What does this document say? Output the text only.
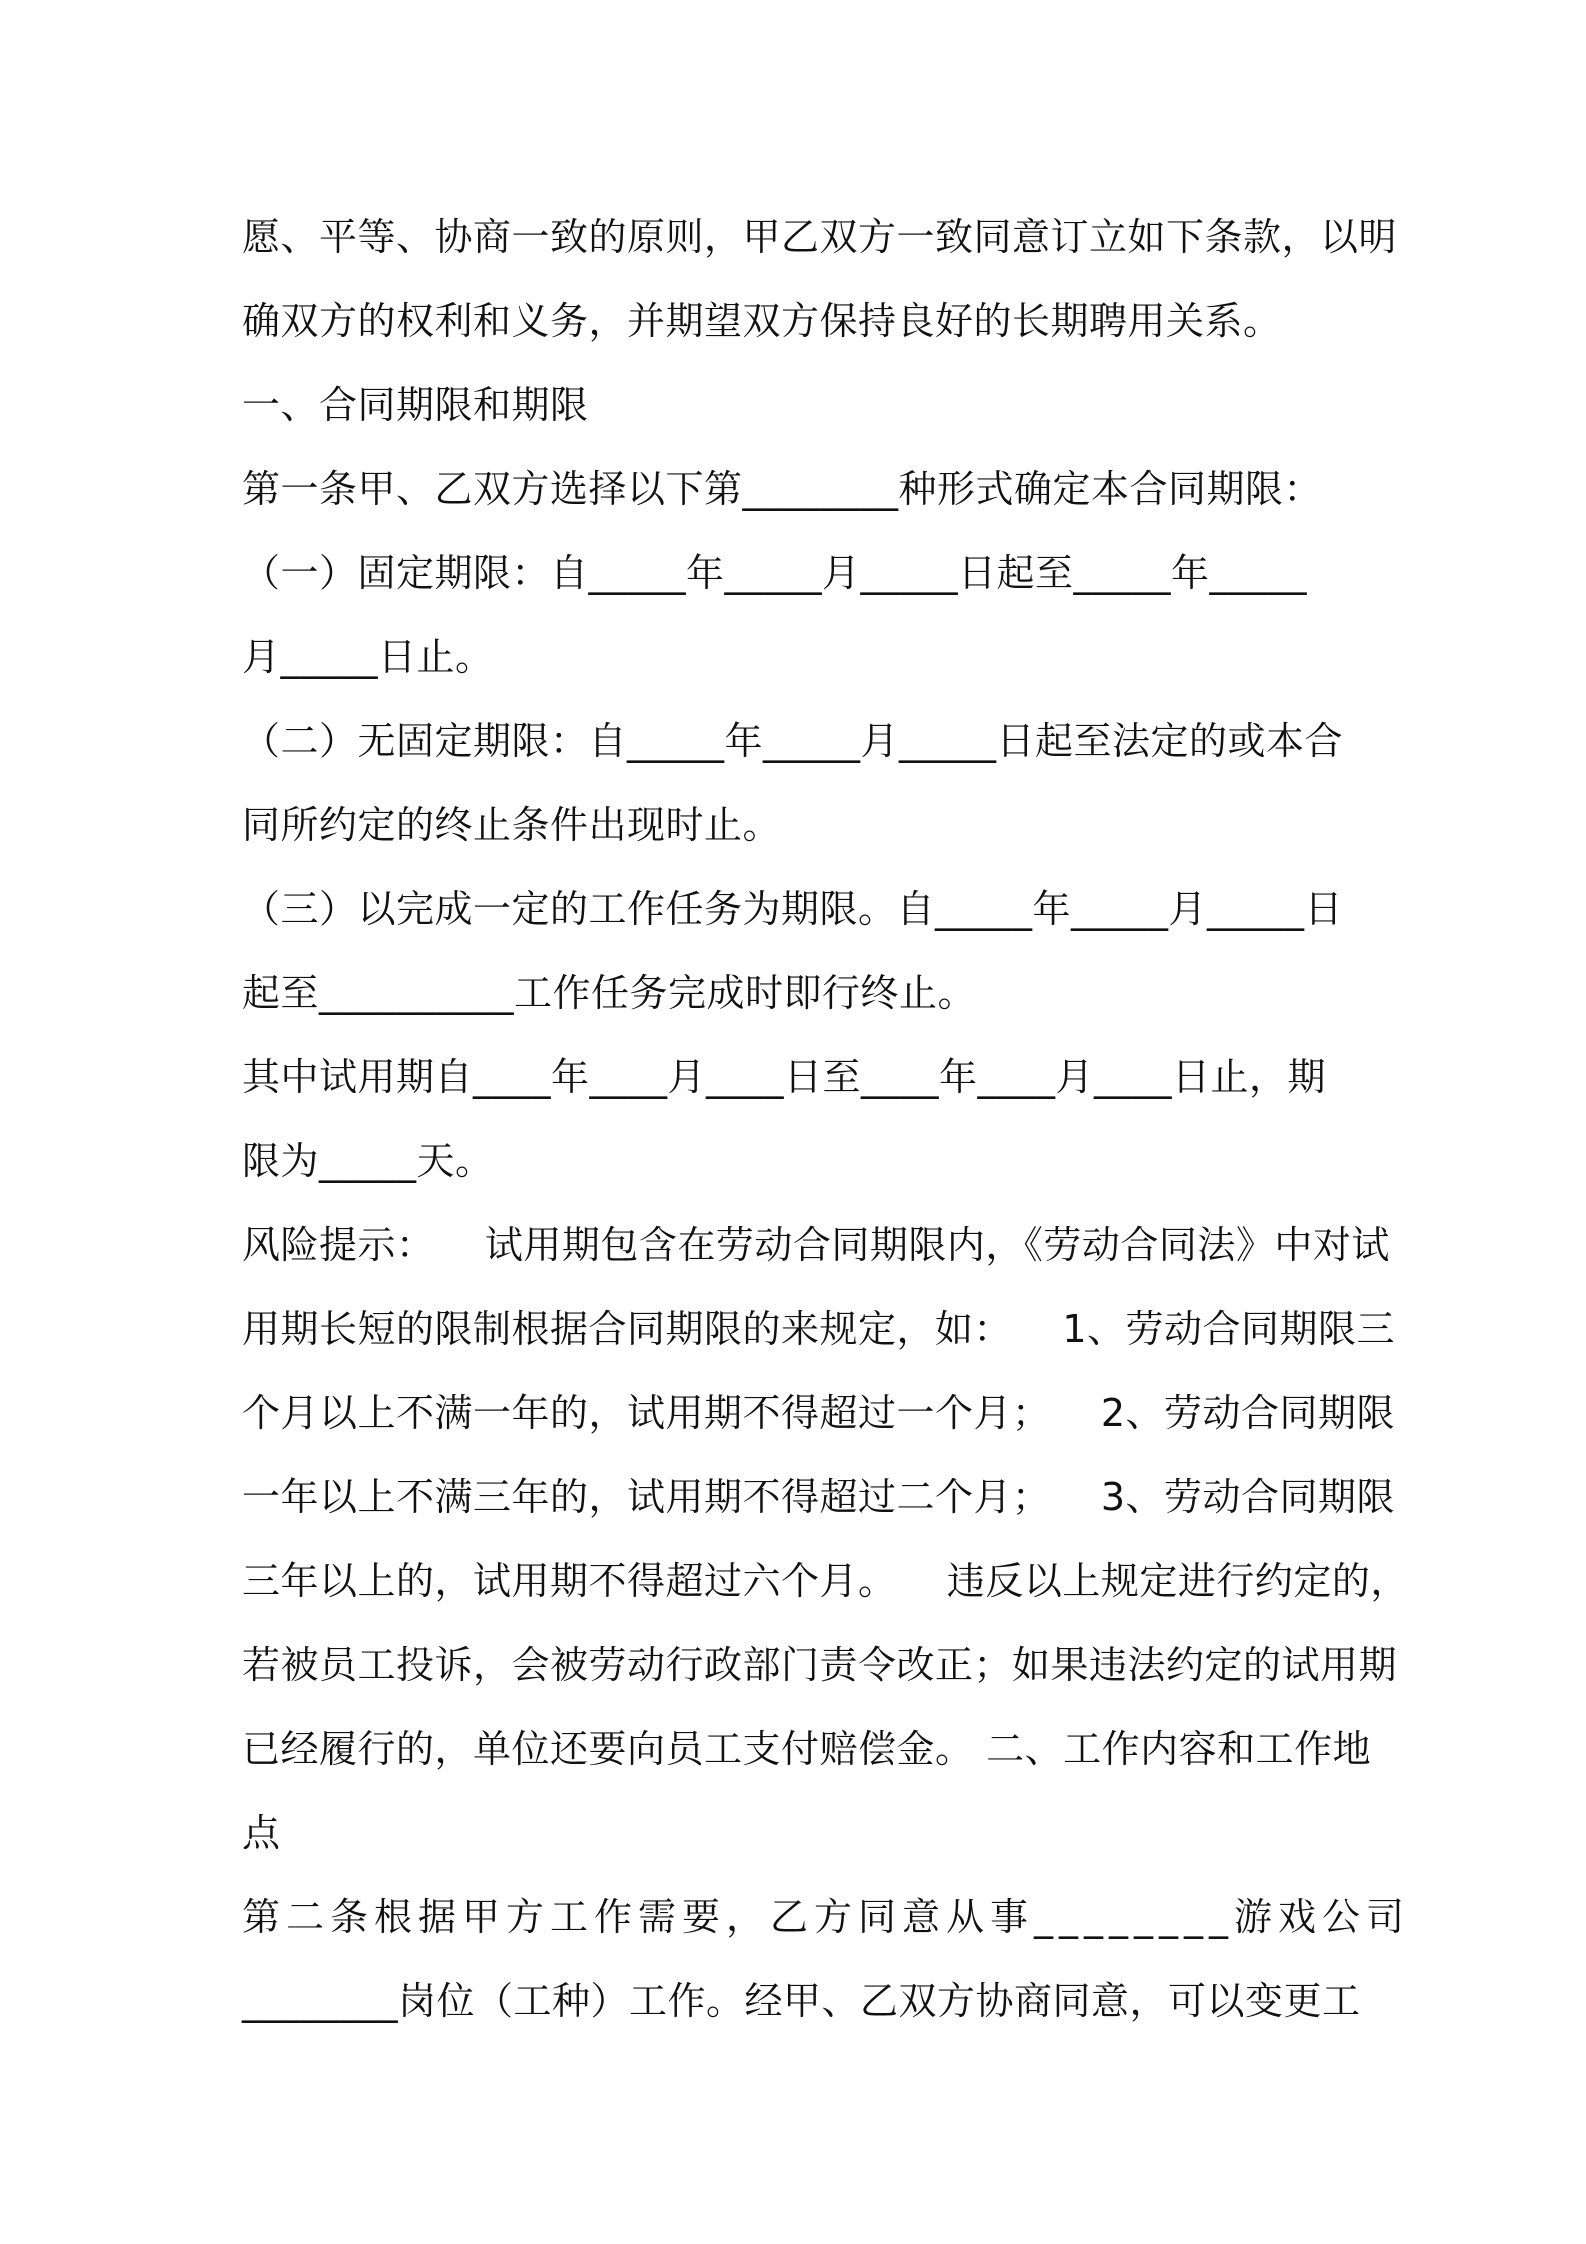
愿、平等、协商一致的原则，甲乙双方一致同意订立如下条款，以明
确双方的权利和义务，并期望双方保持良好的长期聘用关系。
一、合同期限和期限
第一条甲、乙双方选择以下第________种形式确定本合同期限：
（一）固定期限：自_____年_____月_____日起至_____年_____
月_____日止。
（二）无固定期限：自_____年_____月_____日起至法定的或本合
同所约定的终止条件出现时止。
（三）以完成一定的工作任务为期限。自_____年_____月_____日
起至__________工作任务完成时即行终止。
其中试用期自____年____月____日至____年____月____日止，期
限为_____天。
风险提示：    试用期包含在劳动合同期限内，《劳动合同法》中对试
用期长短的限制根据合同期限的来规定，如：    1、劳动合同期限三
个月以上不满一年的，试用期不得超过一个月；    2、劳动合同期限
一年以上不满三年的，试用期不得超过二个月；    3、劳动合同期限
三年以上的，试用期不得超过六个月。    违反以上规定进行约定的，
若被员工投诉，会被劳动行政部门责令改正；如果违法约定的试用期
已经履行的，单位还要向员工支付赔偿金。 二、工作内容和工作地
点
第二条根据甲方工作需要，乙方同意从事________游戏公司
________岗位（工种）工作。经甲、乙双方协商同意，可以变更工
